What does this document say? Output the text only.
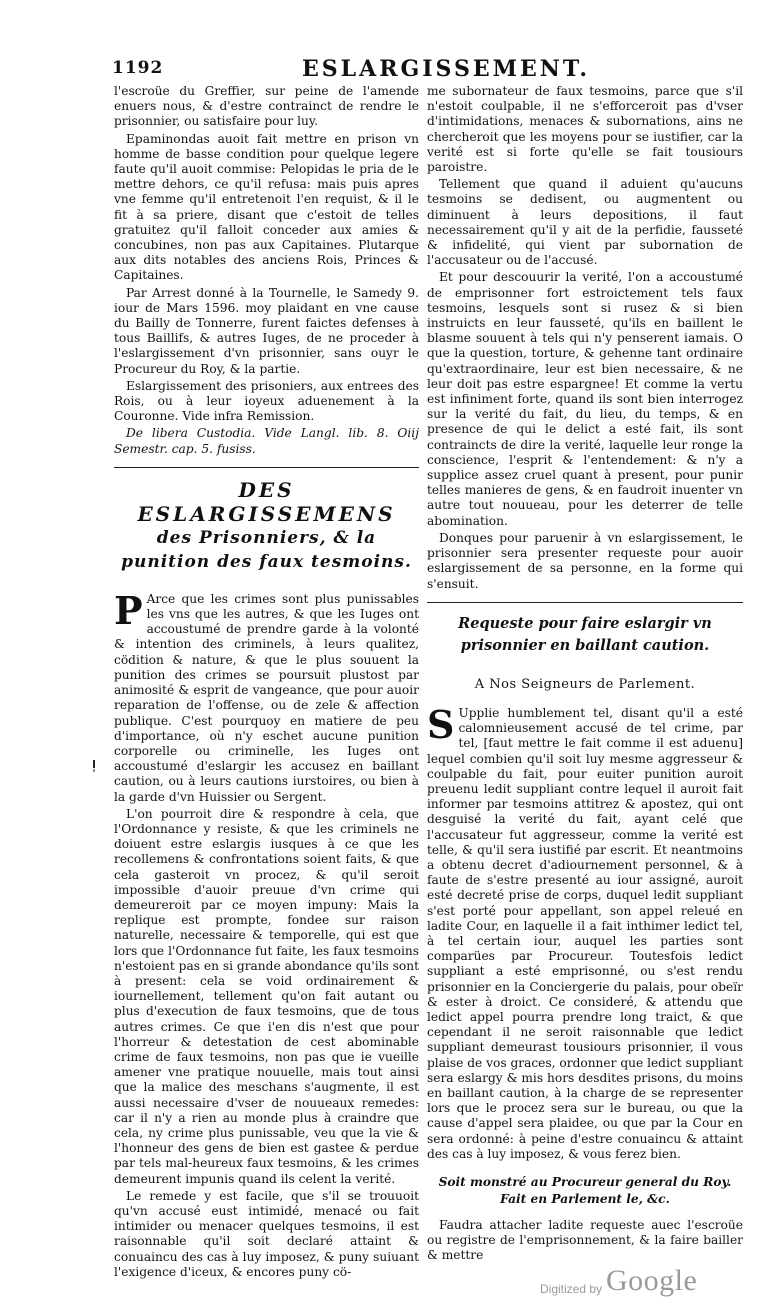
1192	ESLARGISSEMENT.

l'escroüe du Greffier, sur peine de l'amende enuers nous, & d'estre contrainct de rendre le prisonnier, ou satisfaire pour luy.

Epaminondas auoit fait mettre en prison vn homme de basse condition pour quelque legere faute qu'il auoit commise: Pelopidas le pria de le mettre dehors, ce qu'il refusa: mais puis apres vne femme qu'il entretenoit l'en requist, & il le fit à sa priere, disant que c'estoit de telles gratuitez qu'il falloit conceder aux amies & concubines, non pas aux Capitaines. Plutarque aux dits notables des anciens Rois, Princes & Capitaines.

Par Arrest donné à la Tournelle, le Samedy 9. iour de Mars 1596. moy plaidant en vne cause du Bailly de Tonnerre, furent faictes defenses à tous Baillifs, & autres Iuges, de ne proceder à l'eslargissement d'vn prisonnier, sans ouyr le Procureur du Roy, & la partie.

Eslargissement des prisoniers, aux entrees des Rois, ou à leur ioyeux aduenement à la Couronne. Vide infra Remission.

De libera Custodia. Vide Langl. lib. 8. Oiij Semestr. cap. 5. fusiss.

DES ESLARGISSEMENS
des Prisonniers, & la punition des faux tesmoins.

P Arce que les crimes sont plus punissables les vns que les autres, & que les Iuges ont accoustumé de prendre garde à la volonté & intention des criminels, à leurs qualitez, cödition & nature, & que le plus souuent la punition des crimes se poursuit plustost par animosité & esprit de vangeance, que pour auoir reparation de l'offense, ou de zele & affection publique. C'est pourquoy en matiere de peu d'importance, où n'y eschet aucune punition corporelle ou criminelle, les Iuges ont accoustumé d'eslargir les accusez en baillant caution, ou à leurs cautions iurstoires, ou bien à la garde d'vn Huissier ou Sergent.

L'on pourroit dire & respondre à cela, que l'Ordonnance y resiste, & que les criminels ne doiuent estre eslargis iusques à ce que les recollemens & confrontations soient faits, & que cela gasteroit vn procez, & qu'il seroit impossible d'auoir preuue d'vn crime qui demeureroit par ce moyen impuny: Mais la replique est prompte, fondee sur raison naturelle, necessaire & temporelle, qui est que lors que l'Ordonnance fut faite, les faux tesmoins n'estoient pas en si grande abondance qu'ils sont à present: cela se void ordinairement & iournellement, tellement qu'on fait autant ou plus d'execution de faux tesmoins, que de tous autres crimes. Ce que i'en dis n'est que pour l'horreur & detestation de cest abominable crime de faux tesmoins, non pas que ie vueille amener vne pratique nouuelle, mais tout ainsi que la malice des meschans s'augmente, il est aussi necessaire d'vser de nouueaux remedes: car il n'y a rien au monde plus à craindre que cela, ny crime plus punissable, veu que la vie & l'honneur des gens de bien est gastee & perdue par tels mal-heureux faux tesmoins, & les crimes demeurent impunis quand ils celent la verité.

Le remede y est facile, que s'il se trouuoit qu'vn accusé eust intimidé, menacé ou fait intimider ou menacer quelques tesmoins, il est raisonnable qu'il soit declaré attaint & conuaincu des cas à luy imposez, & puny suiuant l'exigence d'iceux, & encores puny cö-

me subornateur de faux tesmoins, parce que s'il n'estoit coulpable, il ne s'efforceroit pas d'vser d'intimidations, menaces & subornations, ains ne chercheroit que les moyens pour se iustifier, car la verité est si forte qu'elle se fait tousiours paroistre.

Tellement que quand il aduient qu'aucuns tesmoins se dedisent, ou augmentent ou diminuent à leurs depositions, il faut necessairement qu'il y ait de la perfidie, fausseté & infidelité, qui vient par subornation de l'accusateur ou de l'accusé.

Et pour descouurir la verité, l'on a accoustumé de emprisonner fort estroictement tels faux tesmoins, lesquels sont si rusez & si bien instruicts en leur fausseté, qu'ils en baillent le blasme souuent à tels qui n'y penserent iamais. O que la question, torture, & gehenne tant ordinaire qu'extraordinaire, leur est bien necessaire, & ne leur doit pas estre espargnee! Et comme la vertu est infiniment forte, quand ils sont bien interrogez sur la verité du fait, du lieu, du temps, & en presence de qui le delict a esté fait, ils sont contraincts de dire la verité, laquelle leur ronge la conscience, l'esprit & l'entendement: & n'y a supplice assez cruel quant à present, pour punir telles manieres de gens, & en faudroit inuenter vn autre tout nouueau, pour les deterrer de telle abomination.

Donques pour paruenir à vn eslargissement, le prisonnier sera presenter requeste pour auoir eslargissement de sa personne, en la forme qui s'ensuit.

Requeste pour faire eslargir vn prisonnier en baillant caution.
A Nos Seigneurs de Parlement.

S Upplie humblement tel, disant qu'il a esté calomnieusement accusé de tel crime, par tel, [faut mettre le fait comme il est aduenu] lequel combien qu'il soit luy mesme aggresseur & coulpable du fait, pour euiter punition auroit preuenu ledit suppliant contre lequel il auroit fait informer par tesmoins attitrez & apostez, qui ont desguisé la verité du fait, ayant celé que l'accusateur fut aggresseur, comme la verité est telle, & qu'il sera iustifié par escrit. Et neantmoins a obtenu decret d'adiournement personnel, & à faute de s'estre presenté au iour assigné, auroit esté decreté prise de corps, duquel ledit suppliant s'est porté pour appellant, son appel releué en ladite Cour, en laquelle il a fait inthimer ledict tel, à tel certain iour, auquel les parties sont comparües par Procureur. Toutesfois ledict suppliant a esté emprisonné, ou s'est rendu prisonnier en la Conciergerie du palais, pour obeïr & ester à droict. Ce consideré, & attendu que ledict appel pourra prendre long traict, & que cependant il ne seroit raisonnable que ledict suppliant demeurast tousiours prisonnier, il vous plaise de vos graces, ordonner que ledict suppliant sera eslargy & mis hors desdites prisons, du moins en baillant caution, à la charge de se representer lors que le procez sera sur le bureau, ou que la cause d'appel sera plaidee, ou que par la Cour en sera ordonné: à peine d'estre conuaincu & attaint des cas à luy imposez, & vous ferez bien.

Soit monstré au Procureur general du Roy. Fait en Parlement le, &c.

Faudra attacher ladite requeste auec l'escroüe ou registre de l'emprisonnement, & la faire bailler & mettre

Digitized by Google
